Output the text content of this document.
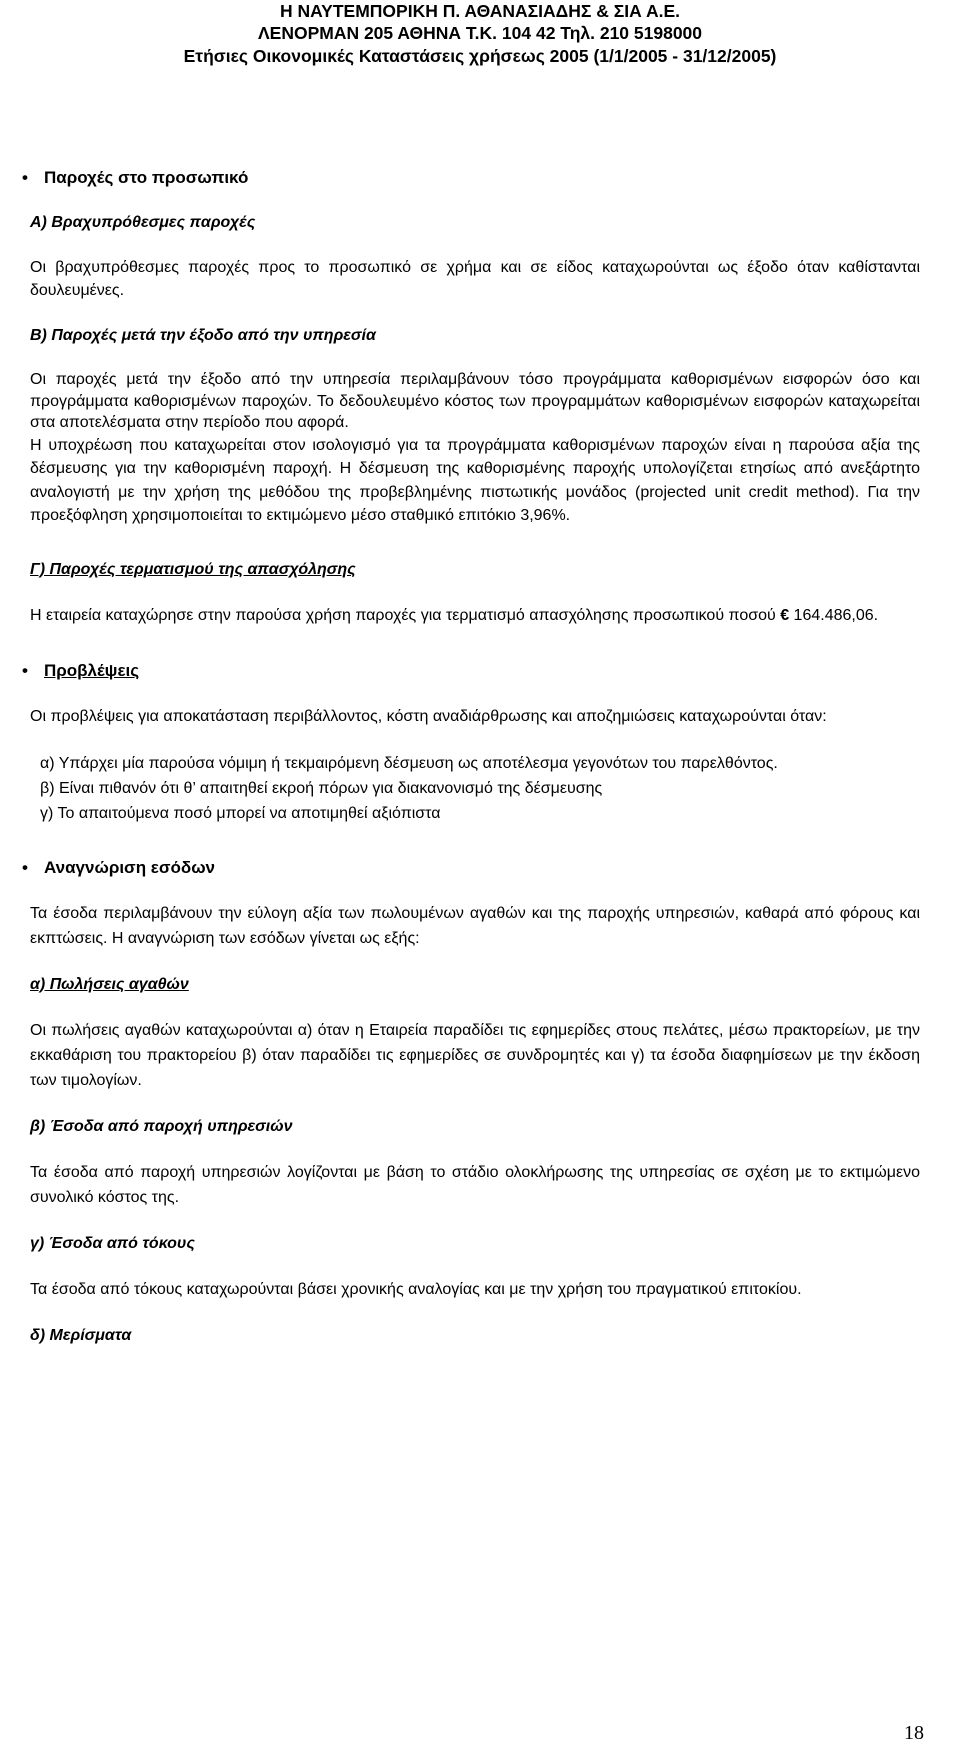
Η ΝΑΥΤΕΜΠΟΡΙΚΗ Π. ΑΘΑΝΑΣΙΑΔΗΣ & ΣΙΑ Α.Ε.
ΛΕΝΟΡΜΑΝ 205 ΑΘΗΝΑ Τ.Κ. 104 42 Τηλ. 210 5198000
Ετήσιες Οικονομικές Καταστάσεις χρήσεως 2005 (1/1/2005 - 31/12/2005)
• Παροχές στο προσωπικό
Α) Βραχυπρόθεσμες παροχές

Οι βραχυπρόθεσμες παροχές προς το προσωπικό σε χρήμα και σε είδος καταχωρούνται ως έξοδο όταν καθίστανται δουλευμένες.

Β) Παροχές μετά την έξοδο από την υπηρεσία

Οι παροχές μετά την έξοδο από την υπηρεσία περιλαμβάνουν τόσο προγράμματα καθορισμένων εισφορών όσο και προγράμματα καθορισμένων παροχών. Το δεδουλευμένο κόστος των προγραμμάτων καθορισμένων εισφορών καταχωρείται στα αποτελέσματα στην περίοδο που αφορά.

Η υποχρέωση που καταχωρείται στον ισολογισμό για τα προγράμματα καθορισμένων παροχών είναι η παρούσα αξία της δέσμευσης για την καθορισμένη παροχή. Η δέσμευση της καθορισμένης παροχής υπολογίζεται ετησίως από ανεξάρτητο αναλογιστή με την χρήση της μεθόδου της προβεβλημένης πιστωτικής μονάδος (projected unit credit method). Για την προεξόφληση χρησιμοποιείται το εκτιμώμενο μέσο σταθμικό επιτόκιο 3,96%.

Γ) Παροχές τερματισμού της απασχόλησης

Η εταιρεία καταχώρησε στην παρούσα χρήση παροχές για τερματισμό απασχόλησης προσωπικού ποσού € 164.486,06.

• Προβλέψεις

Οι προβλέψεις για αποκατάσταση περιβάλλοντος, κόστη αναδιάρθρωσης και αποζημιώσεις καταχωρούνται όταν:

α) Υπάρχει μία παρούσα νόμιμη ή τεκμαιρόμενη δέσμευση ως αποτέλεσμα γεγονότων του παρελθόντος.

β) Είναι πιθανόν ότι θ’ απαιτηθεί εκροή πόρων για διακανονισμό της δέσμευσης

γ) Το απαιτούμενα ποσό μπορεί να αποτιμηθεί αξιόπιστα

• Αναγνώριση εσόδων

Τα έσοδα περιλαμβάνουν την εύλογη αξία των πωλουμένων αγαθών και της παροχής υπηρεσιών, καθαρά από φόρους και εκπτώσεις. Η αναγνώριση των εσόδων γίνεται ως εξής:

α) Πωλήσεις αγαθών

Οι πωλήσεις αγαθών καταχωρούνται α) όταν η Εταιρεία παραδίδει τις εφημερίδες στους πελάτες, μέσω πρακτορείων, με την εκκαθάριση του πρακτορείου β) όταν παραδίδει τις εφημερίδες σε συνδρομητές και γ) τα έσοδα διαφημίσεων με την έκδοση των τιμολογίων.

β) Έσοδα από παροχή υπηρεσιών

Τα έσοδα από παροχή υπηρεσιών λογίζονται με βάση το στάδιο ολοκλήρωσης της υπηρεσίας σε σχέση με το εκτιμώμενο συνολικό κόστος της.

γ) Έσοδα από τόκους

Τα έσοδα από τόκους καταχωρούνται βάσει χρονικής αναλογίας και με την χρήση του πραγματικού επιτοκίου.

δ) Μερίσματα
18
